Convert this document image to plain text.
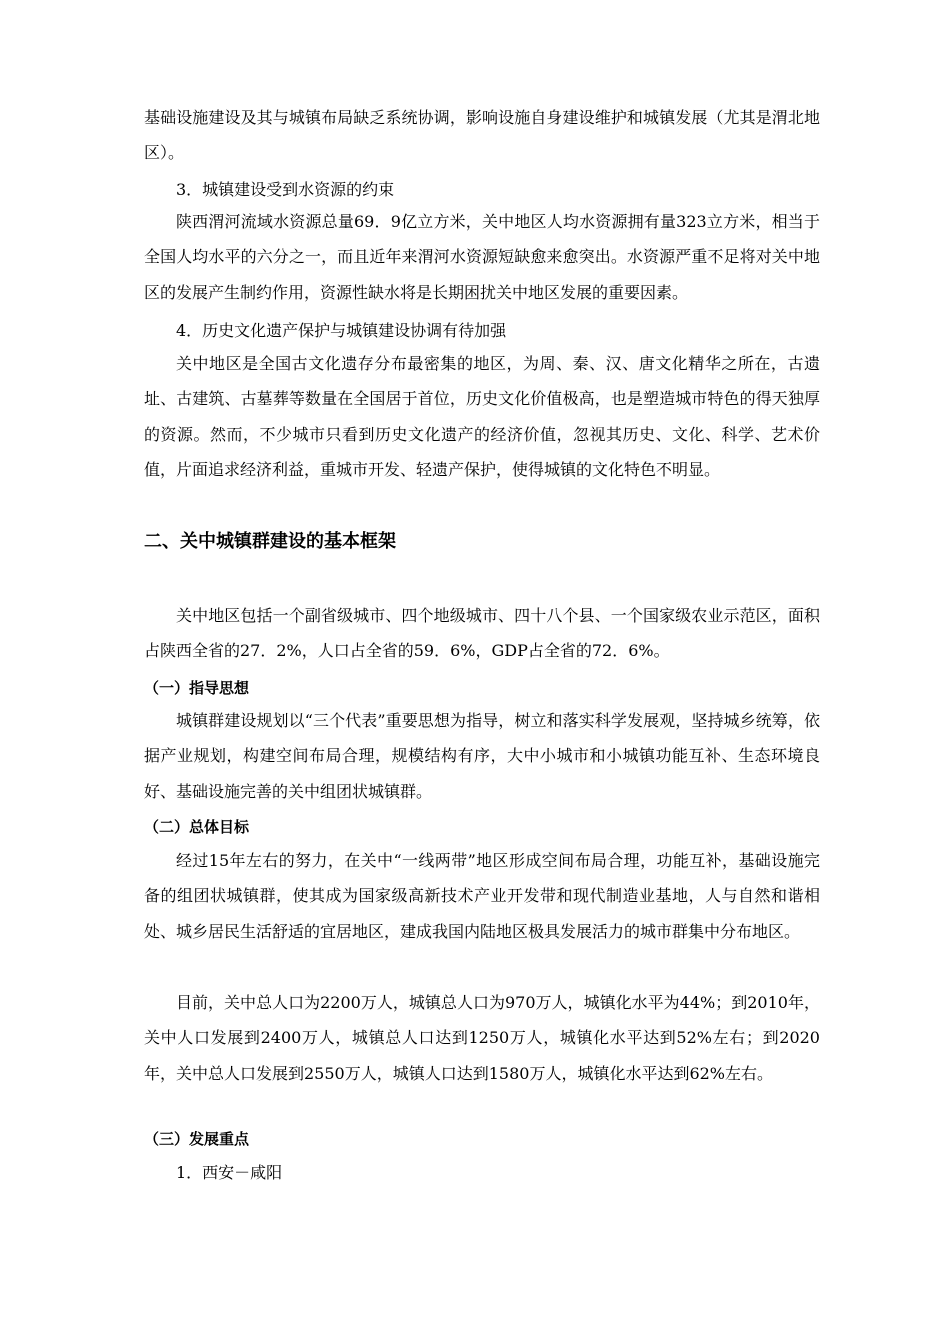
基础设施建设及其与城镇布局缺乏系统协调，影响设施自身建设维护和城镇发展（尤其是渭北地区）。

3．城镇建设受到水资源的约束

陕西渭河流域水资源总量69．9亿立方米，关中地区人均水资源拥有量323立方米，相当于全国人均水平的六分之一，而且近年来渭河水资源短缺愈来愈突出。水资源严重不足将对关中地区的发展产生制约作用，资源性缺水将是长期困扰关中地区发展的重要因素。

4．历史文化遗产保护与城镇建设协调有待加强

关中地区是全国古文化遗存分布最密集的地区，为周、秦、汉、唐文化精华之所在，古遗址、古建筑、古墓葬等数量在全国居于首位，历史文化价值极高，也是塑造城市特色的得天独厚的资源。然而，不少城市只看到历史文化遗产的经济价值，忽视其历史、文化、科学、艺术价值，片面追求经济利益，重城市开发、轻遗产保护，使得城镇的文化特色不明显。

二、关中城镇群建设的基本框架

关中地区包括一个副省级城市、四个地级城市、四十八个县、一个国家级农业示范区，面积占陕西全省的27．2%，人口占全省的59．6%，GDP占全省的72．6%。

（一）指导思想

城镇群建设规划以“三个代表”重要思想为指导，树立和落实科学发展观，坚持城乡统筹，依据产业规划，构建空间布局合理，规模结构有序，大中小城市和小城镇功能互补、生态环境良好、基础设施完善的关中组团状城镇群。

（二）总体目标

经过15年左右的努力，在关中“一线两带”地区形成空间布局合理，功能互补，基础设施完备的组团状城镇群，使其成为国家级高新技术产业开发带和现代制造业基地，人与自然和谐相处、城乡居民生活舒适的宜居地区，建成我国内陆地区极具发展活力的城市群集中分布地区。

目前，关中总人口为2200万人，城镇总人口为970万人，城镇化水平为44%；到2010年，关中人口发展到2400万人，城镇总人口达到1250万人，城镇化水平达到52%左右；到2020年，关中总人口发展到2550万人，城镇人口达到1580万人，城镇化水平达到62%左右。

（三）发展重点

1．西安－咸阳
